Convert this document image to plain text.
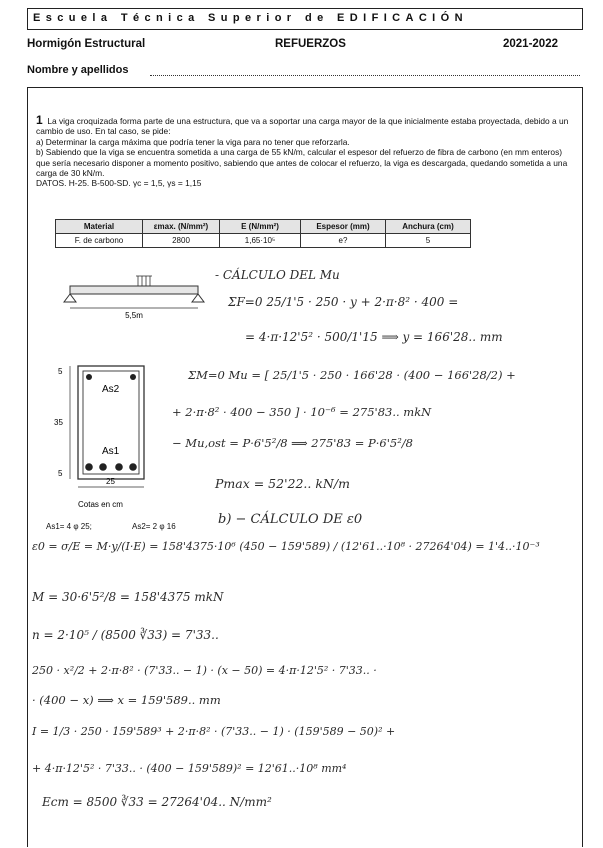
Escuela Técnica Superior de EDIFICACIÓN
Hormigón Estructural	REFUERZOS	2021-2022
Nombre y apellidos

1 La viga croquizada forma parte de una estructura, que va a soportar una carga mayor de la que inicialmente estaba proyectada, debido a un cambio de uso. En tal caso, se pide:

a) Determinar la carga máxima que podría tener la viga para no tener que reforzarla.

b) Sabiendo que la viga se encuentra sometida a una carga de 55 kN/m, calcular el espesor del refuerzo de fibra de carbono (en mm enteros) que sería necesario disponer a momento positivo, sabiendo que antes de colocar el refuerzo, la viga es descargada, quedando sometida a una carga de 30 kN/m.

DATOS. H-25. B-500-SD. γc = 1,5, γs = 1,15

Material	εmax. (N/mm²)	E (N/mm²)	Espesor (mm)	Anchura (cm)
F. de carbono	2800	1,65·10⁵	e?	5
5,5m
As2
As1
5
35
5
25
Cotas en cm
As1= 4 φ 25;	As2= 2 φ 16
- CÁLCULO DEL Mu
ΣF=0 25/1'5 · 250 · y + 2·π·8² · 400 =
= 4·π·12'5² · 500/1'15 ⟹ y = 166'28.. mm
ΣM=0 Mu = [ 25/1'5 · 250 · 166'28 · (400 − 166'28/2) +
+ 2·π·8² · 400 − 350 ] · 10⁻⁶ = 275'83.. mkN
− Mu,ost = P·6'5²/8 ⟹ 275'83 = P·6'5²/8
Pmax = 52'22.. kN/m
b) − CÁLCULO DE ε0
ε0 = σ/E = M·y/(I·E) = 158'4375·10⁶ (450 − 159'589) / (12'61..·10⁸ · 27264'04) = 1'4..·10⁻³
M = 30·6'5²/8 = 158'4375 mkN
n = 2·10⁵ / (8500 ∛33) = 7'33..
250 · x²/2 + 2·π·8² · (7'33.. − 1) · (x − 50) = 4·π·12'5² · 7'33.. ·
· (400 − x) ⟹ x = 159'589.. mm
I = 1/3 · 250 · 159'589³ + 2·π·8² · (7'33.. − 1) · (159'589 − 50)² +
+ 4·π·12'5² · 7'33.. · (400 − 159'589)² = 12'61..·10⁸ mm⁴
Ecm = 8500 ∛33 = 27264'04.. N/mm²
